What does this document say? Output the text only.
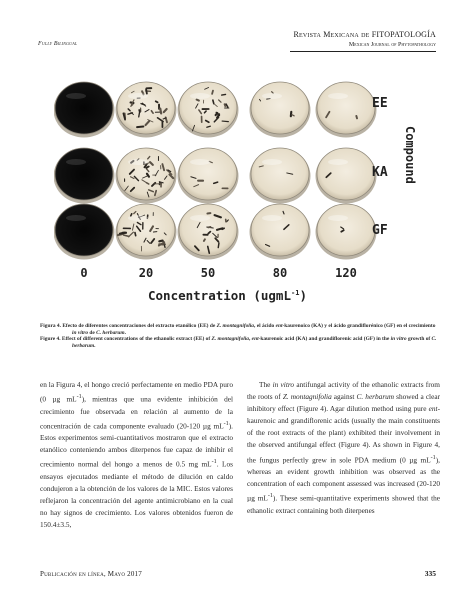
Fully Bilingual
Revista Mexicana de FITOPATOLOGÍA
Mexican Journal of Phytopathology
EE
KA
GF
Compound
0	20	50	80	120
Concentration (ugmL$^{-1}$)

Figura 4. Efecto de diferentes concentraciones del extracto etanólico (EE) de Z. montagnifolia, el ácido ent-kaurenoico (KA) y el ácido grandiflorénico (GF) en el crecimiento in vitro de C. herbarum.

Figure 4. Effect of different concentrations of the ethanolic extract (EE) of Z. montagnifolia, ent-kaurenoic acid (KA) and grandiflorenic acid (GF) in the in vitro growth of C. herbarum.

en la Figura 4, el hongo creció perfectamente en medio PDA puro (0 µg $mL^{-1}$), mientras que una evidente inhibición del crecimiento fue observada en relación al aumento de la concentración de cada componente evaluado (20-120 µg $mL^{-1}$). Estos experimentos semi-cuantitativos mostraron que el extracto etanólico conteniendo ambos diterpenos fue capaz de inhibir el crecimiento normal del hongo a menos de 0.5 mg $mL^{-1}$. Los ensayos ejecutados mediante el método de dilución en caldo condujeron a la obtención de los valores de la MIC. Estos valores reflejaron la concentración del agente antimicrobiano en la cual no hay signos de crecimiento. Los valores obtenidos fueron de 150.4±3.5,

The in vitro antifungal activity of the ethanolic extracts from the roots of Z. montagnifolia against C. herbarum showed a clear inhibitory effect (Figure 4). Agar dilution method using pure ent-kaurenoic and grandiflorenic acids (usually the main constituents of the root extracts of the plant) exhibited their involvement in the observed antifungal effect (Figure 4). As shown in Figure 4, the fungus perfectly grew in sole PDA medium (0 µg $mL^{-1}$), whereas an evident growth inhibition was observed as the concentration of each component assessed was increased (20-120 µg $mL^{-1}$). These semi-quantitative experiments showed that the ethanolic extract containing both diterpenes

Publicación en línea, Mayo 2017	335
